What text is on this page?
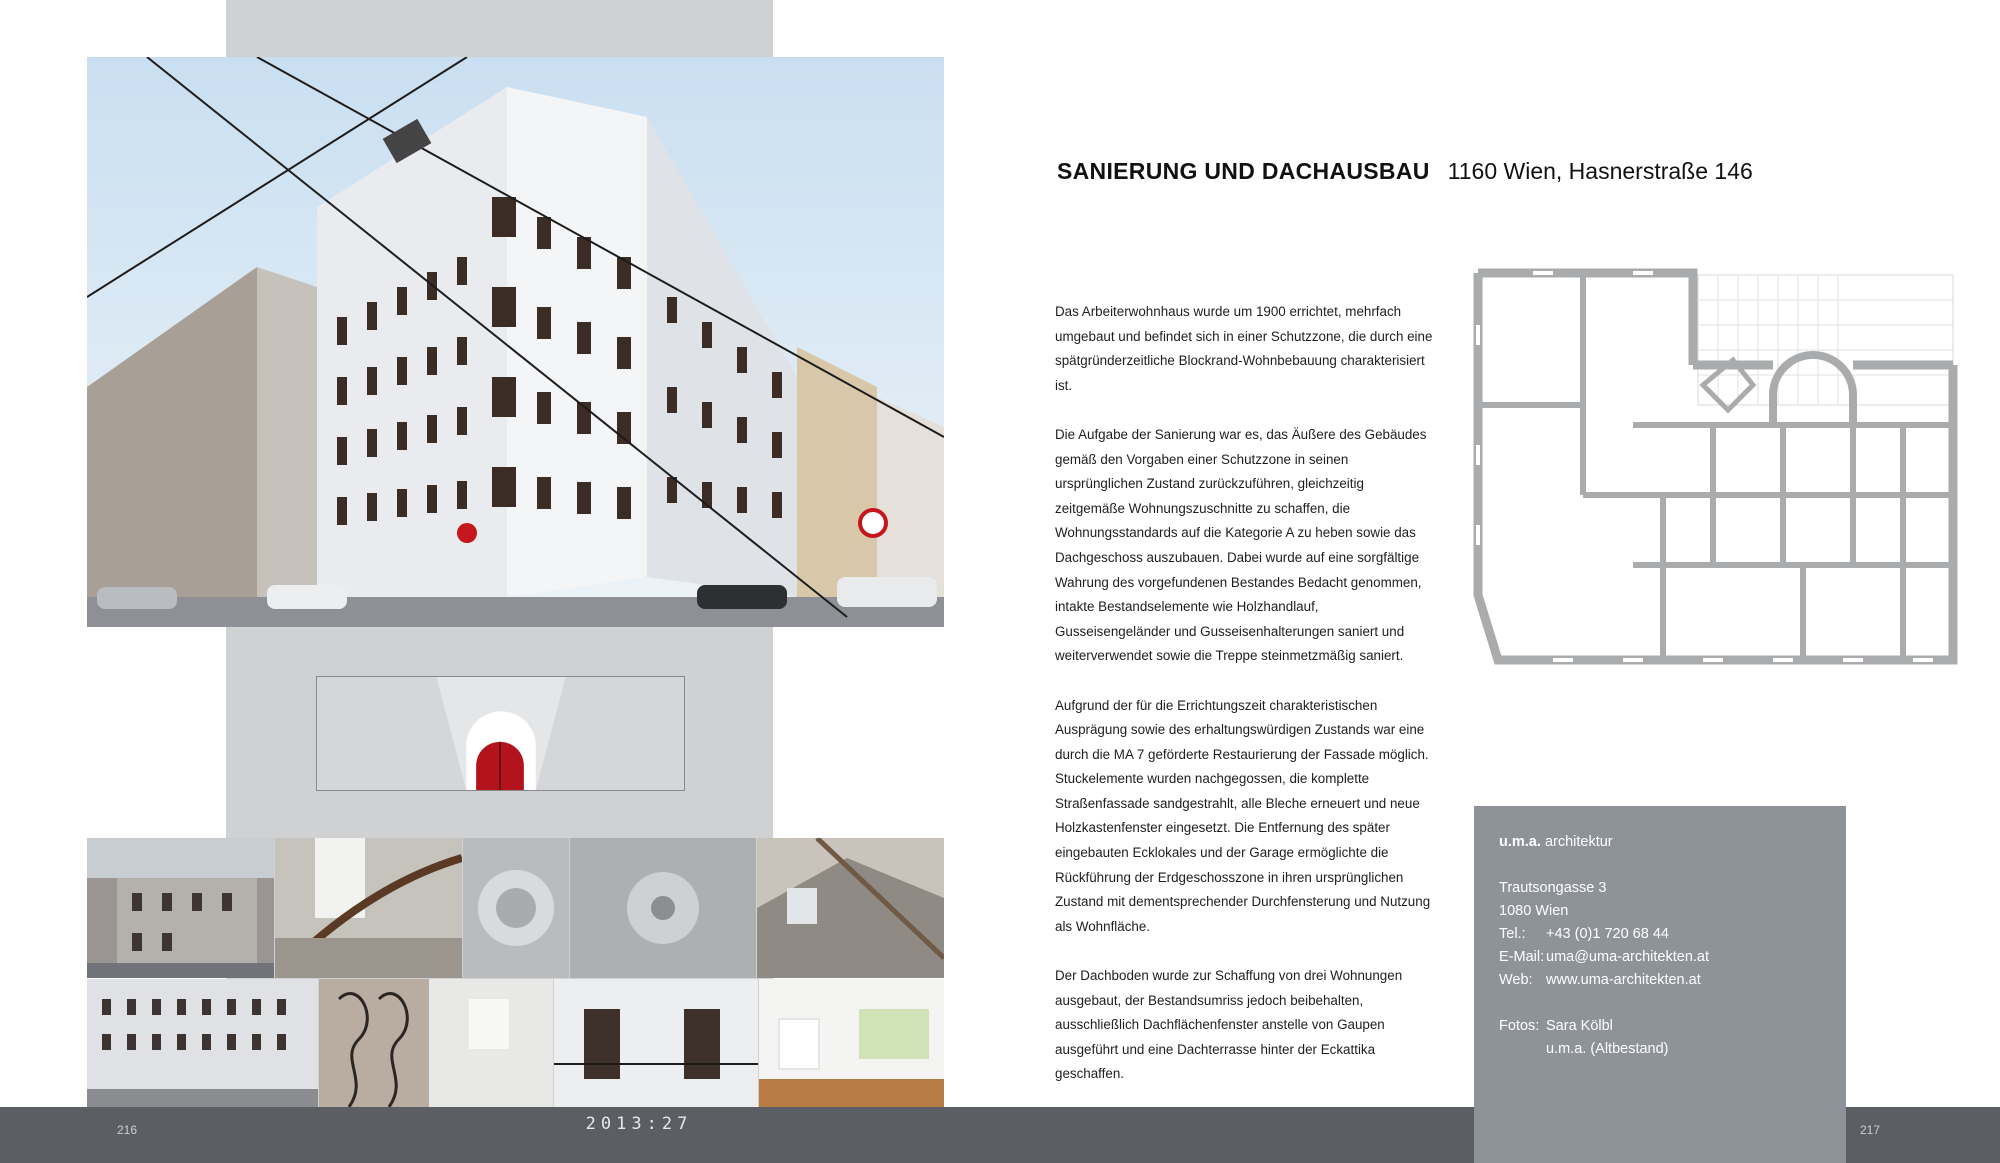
216	2013:27	217
SANIERUNG UND DACHAUSBAU 1160 Wien, Hasnerstraße 146

Das Arbeiterwohnhaus wurde um 1900 errichtet, mehrfach umgebaut und befindet sich in einer Schutzzone, die durch eine spätgründerzeitliche Blockrand-Wohnbebauung charakterisiert ist.

Die Aufgabe der Sanierung war es, das Äußere des Gebäudes gemäß den Vorgaben einer Schutzzone in seinen ursprünglichen Zustand zurückzuführen, gleichzeitig zeitgemäße Wohnungszuschnitte zu schaffen, die Wohnungsstandards auf die Kategorie A zu heben sowie das Dachgeschoss auszubauen. Dabei wurde auf eine sorgfältige Wahrung des vorgefundenen Bestandes Bedacht genommen, intakte Bestandselemente wie Holzhandlauf, Gusseisengeländer und Gusseisenhalterungen saniert und weiterverwendet sowie die Treppe steinmetzmäßig saniert.

Aufgrund der für die Errichtungszeit charakteristischen Ausprägung sowie des erhaltungswürdigen Zustands war eine durch die MA 7 geförderte Restaurierung der Fassade möglich. Stuckelemente wurden nachgegossen, die komplette Straßenfassade sandgestrahlt, alle Bleche erneuert und neue Holzkastenfenster eingesetzt. Die Entfernung des später eingebauten Ecklokales und der Garage ermöglichte die Rückführung der Erdgeschosszone in ihren ursprünglichen Zustand mit dementsprechender Durchfensterung und Nutzung als Wohnfläche.

Der Dachboden wurde zur Schaffung von drei Wohnungen ausgebaut, der Bestandsumriss jedoch beibehalten, ausschließlich Dachflächenfenster anstelle von Gaupen ausgeführt und eine Dachterrasse hinter der Eckattika geschaffen.

u.m.a. architektur
Trautsongasse 3
1080 Wien
Tel.:	+43 (0)1 720 68 44
E-Mail: uma@uma-architekten.at
Web: www.uma-architekten.at
Fotos: Sara Kölbl
u.m.a. (Altbestand)
